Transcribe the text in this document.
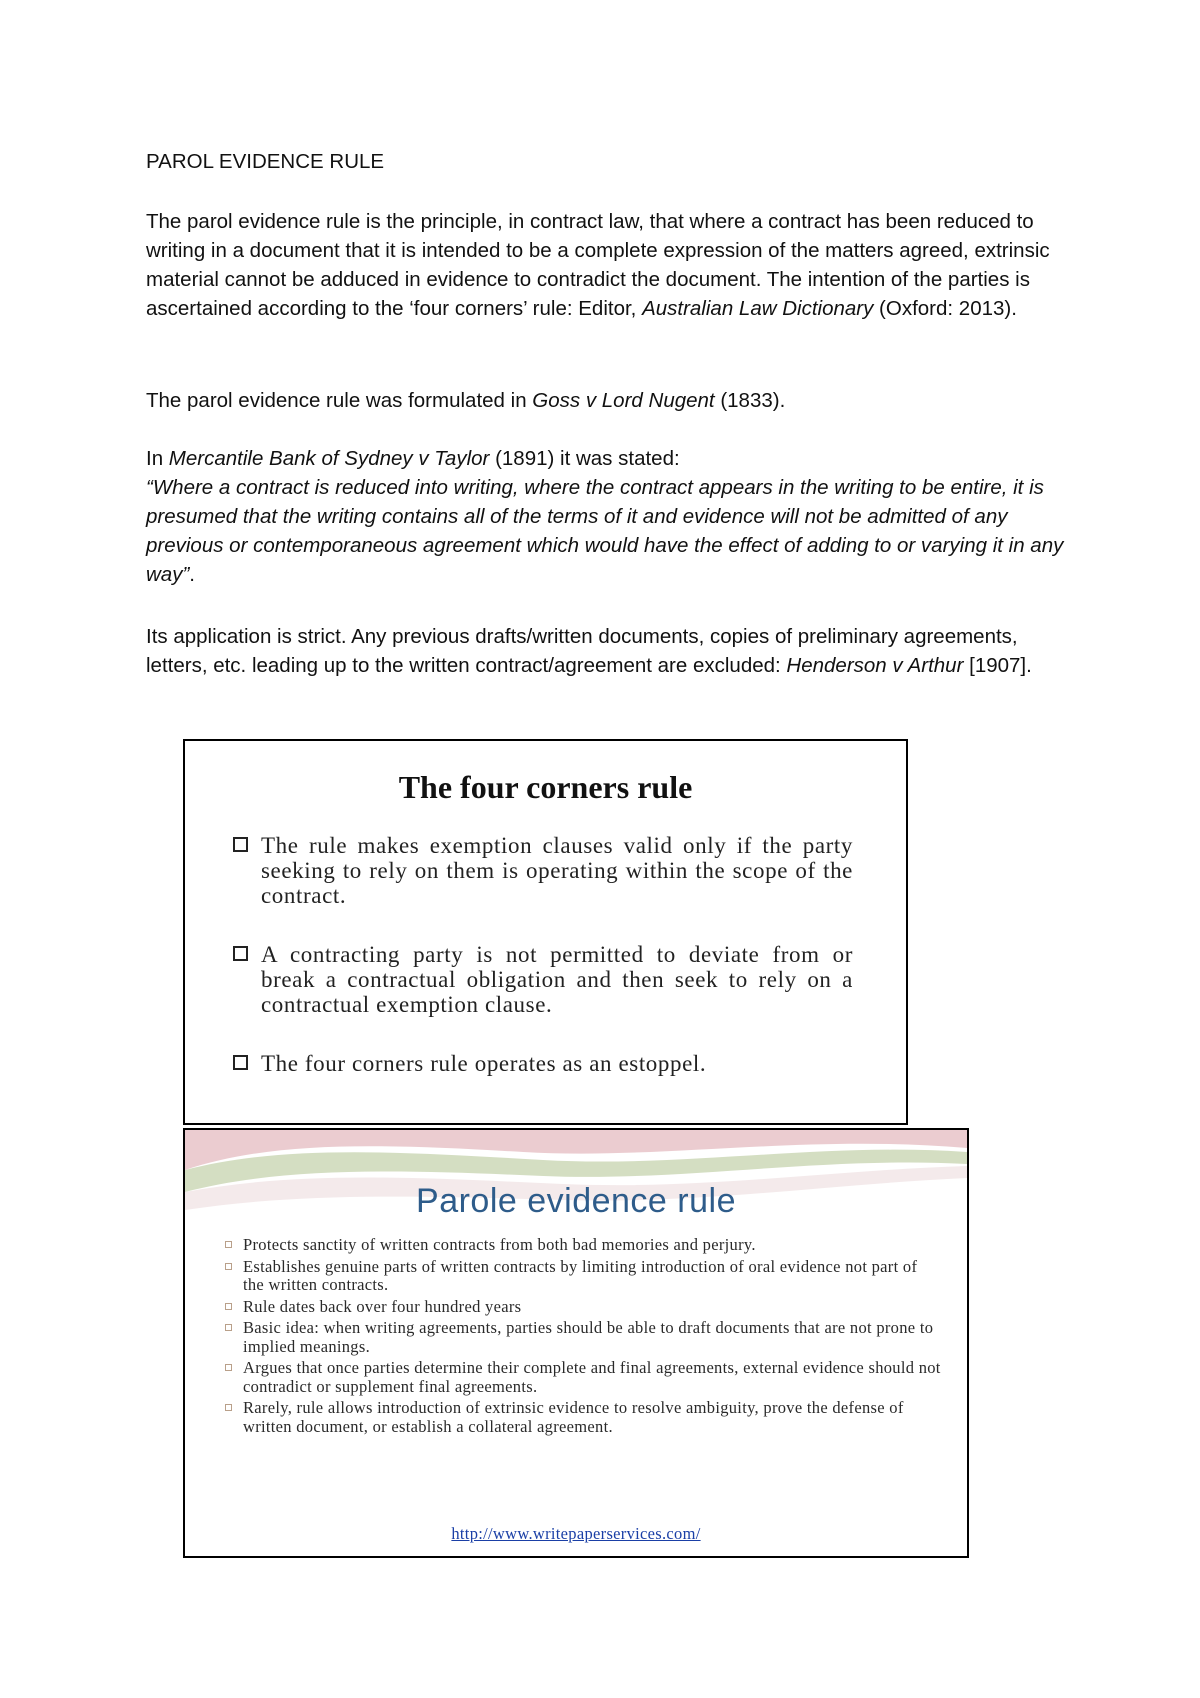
PAROL EVIDENCE RULE

The parol evidence rule is the principle, in contract law, that where a contract has been reduced to writing in a document that it is intended to be a complete expression of the matters agreed, extrinsic material cannot be adduced in evidence to contradict the document. The intention of the parties is ascertained according to the ‘four corners’ rule: Editor, Australian Law Dictionary (Oxford: 2013).

The parol evidence rule was formulated in Goss v Lord Nugent (1833).

In Mercantile Bank of Sydney v Taylor (1891) it was stated:
“Where a contract is reduced into writing, where the contract appears in the writing to be entire, it is presumed that the writing contains all of the terms of it and evidence will not be admitted of any previous or contemporaneous agreement which would have the effect of adding to or varying it in any way”.

Its application is strict. Any previous drafts/written documents, copies of preliminary agreements, letters, etc. leading up to the written contract/agreement are excluded: Henderson v Arthur [1907].

The four corners rule
The rule makes exemption clauses valid only if the party seeking to rely on them is operating within the scope of the contract.
A contracting party is not permitted to deviate from or break a contractual obligation and then seek to rely on a contractual exemption clause.
The four corners rule operates as an estoppel.
Parole evidence rule
Protects sanctity of written contracts from both bad memories and perjury.
Establishes genuine parts of written contracts by limiting introduction of oral evidence not part of the written contracts.
Rule dates back over four hundred years
Basic idea: when writing agreements, parties should be able to draft documents that are not prone to implied meanings.
Argues that once parties determine their complete and final agreements, external evidence should not contradict or supplement final agreements.
Rarely, rule allows introduction of extrinsic evidence to resolve ambiguity, prove the defense of written document, or establish a collateral agreement.
http://www.writepaperservices.com/
